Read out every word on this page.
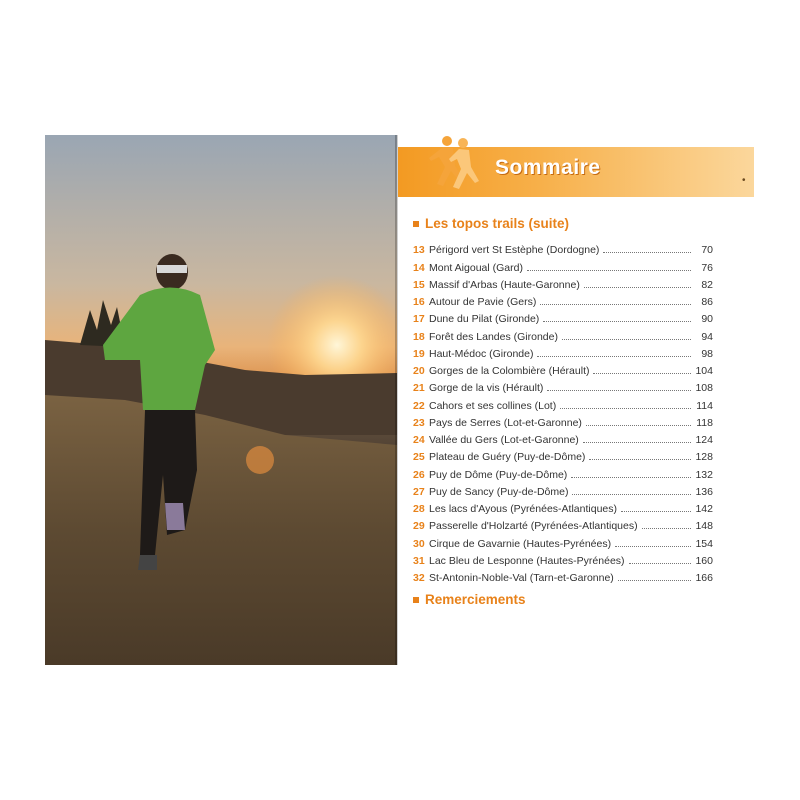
Sommaire
•
Les topos trails (suite)
13 Périgord vert St Estèphe (Dordogne)	70
14 Mont Aigoual (Gard)	76
15 Massif d'Arbas (Haute-Garonne)	82
16 Autour de Pavie (Gers)	86
17 Dune du Pilat (Gironde)	90
18 Forêt des Landes (Gironde)	94
19 Haut-Médoc (Gironde)	98
20 Gorges de la Colombière (Hérault)	104
21 Gorge de la vis (Hérault)	108
22 Cahors et ses collines (Lot)	114
23 Pays de Serres (Lot-et-Garonne)	118
24 Vallée du Gers (Lot-et-Garonne)	124
25 Plateau de Guéry (Puy-de-Dôme)	128
26 Puy de Dôme (Puy-de-Dôme)	132
27 Puy de Sancy (Puy-de-Dôme)	136
28 Les lacs d'Ayous (Pyrénées-Atlantiques)	142
29 Passerelle d'Holzarté (Pyrénées-Atlantiques)	148
30 Cirque de Gavarnie (Hautes-Pyrénées)	154
31 Lac Bleu de Lesponne (Hautes-Pyrénées)	160
32 St-Antonin-Noble-Val (Tarn-et-Garonne)	166
Remerciements
